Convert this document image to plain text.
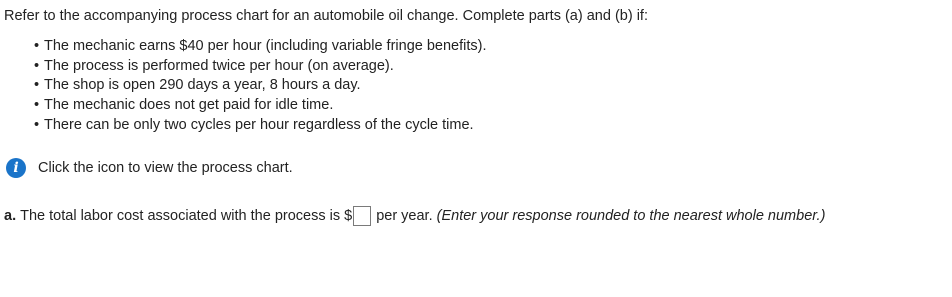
Refer to the accompanying process chart for an automobile oil change. Complete parts (a) and (b) if:
• The mechanic earns $40 per hour (including variable fringe benefits).
• The process is performed twice per hour (on average).
• The shop is open 290 days a year, 8 hours a day.
• The mechanic does not get paid for idle time.
• There can be only two cycles per hour regardless of the cycle time.
i	Click the icon to view the process chart.
a. The total labor cost associated with the process is $ per year. (Enter your response rounded to the nearest whole number.)
